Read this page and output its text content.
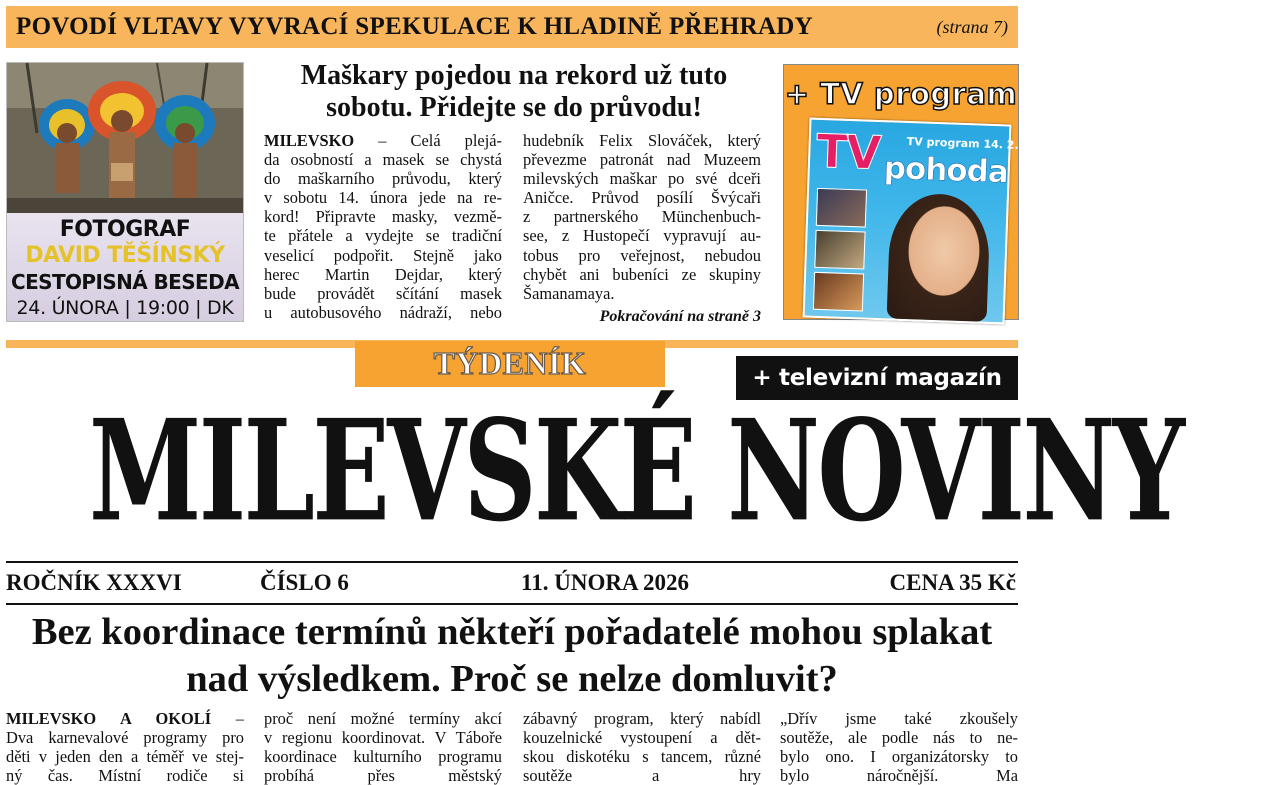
POVODÍ VLTAVY VYVRACÍ SPEKULACE K HLADINĚ PŘEHRADY	(strana 7)
FOTOGRAF
DAVID TĚŠÍNSKÝ
CESTOPISNÁ BESEDA
24. ÚNORA | 19:00 | DK
Maškary pojedou na rekord už tuto sobotu. Přidejte se do průvodu!
MILEVSKO – Celá plejá-
da osobností a masek se chystá
do maškarního průvodu, který
v sobotu 14. února jede na re-
kord! Připravte masky, vezmě-
te přátele a vydejte se tradiční
veselicí podpořit. Stejně jako
herec Martin Dejdar, který
bude provádět sčítání masek
u autobusového nádraží, nebo
hudebník Felix Slováček, který
převezme patronát nad Muzeem
milevských maškar po své dceři
Aničce. Průvod posílí Švýcaři
z partnerského Münchenbuch-
see, z Hustopečí vypravují au-
tobus pro veřejnost, nebudou
chybět ani bubeníci ze skupiny
Šamanamaya.
Pokračování na straně 3
+ TV program
TV TV program 14. 2. - 20. 2.
pohoda
TÝDENÍK	+ televizní magazín
MILEVSKÉ NOVINY
ROČNÍK XXXVI	ČÍSLO 6	11. ÚNORA 2026	CENA 35 Kč
Bez koordinace termínů někteří pořadatelé mohou splakat nad výsledkem. Proč se nelze domluvit?
MILEVSKO A OKOLÍ –
Dva karnevalové programy pro
děti v jeden den a téměř ve stej-
ný čas. Místní rodiče si
proč není možné termíny akcí
v regionu koordinovat. V Táboře
koordinace kulturního programu
probíhá přes městský
zábavný program, který nabídl
kouzelnické vystoupení a dět-
skou diskotéku s tancem, různé
soutěže a hry
„Dřív jsme také zkoušely
soutěže, ale podle nás to ne-
bylo ono. I organizátorsky to
bylo náročnější. Ma
